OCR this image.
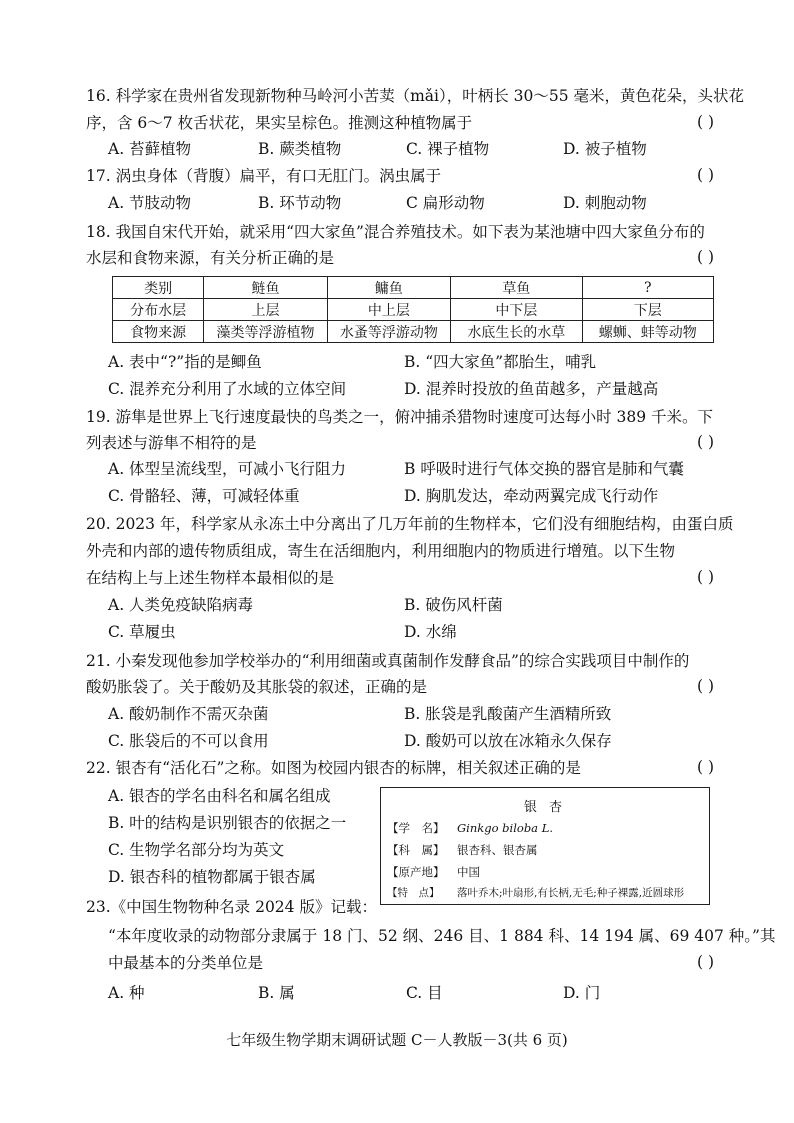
16. 科学家在贵州省发现新物种马岭河小苦荬（mǎi），叶柄长 30～55 毫米，黄色花朵，头状花
序，含 6～7 枚舌状花，果实呈棕色。推测这种植物属于	( )
A. 苔藓植物	B. 蕨类植物	C. 裸子植物	D. 被子植物
17. 涡虫身体（背腹）扁平，有口无肛门。涡虫属于	( )
A. 节肢动物	B. 环节动物	C 扁形动物	D. 刺胞动物
18. 我国自宋代开始，就采用“四大家鱼”混合养殖技术。如下表为某池塘中四大家鱼分布的
水层和食物来源，有关分析正确的是	( )
类别	鲢鱼	鳙鱼	草鱼	?
分布水层	上层	中上层	中下层	下层
食物来源	藻类等浮游植物	水蚤等浮游动物	水底生长的水草	螺蛳、蚌等动物
A. 表中“?”指的是鲫鱼	B. “四大家鱼”都胎生，哺乳
C. 混养充分利用了水域的立体空间	D. 混养时投放的鱼苗越多，产量越高
19. 游隼是世界上飞行速度最快的鸟类之一，俯冲捕杀猎物时速度可达每小时 389 千米。下
列表述与游隼不相符的是	( )
A. 体型呈流线型，可减小飞行阻力	B 呼吸时进行气体交换的器官是肺和气囊
C. 骨骼轻、薄，可减轻体重	D. 胸肌发达，牵动两翼完成飞行动作
20. 2023 年，科学家从永冻土中分离出了几万年前的生物样本，它们没有细胞结构，由蛋白质
外壳和内部的遗传物质组成，寄生在活细胞内，利用细胞内的物质进行增殖。以下生物
在结构上与上述生物样本最相似的是	( )
A. 人类免疫缺陷病毒	B. 破伤风杆菌
C. 草履虫	D. 水绵
21. 小秦发现他参加学校举办的“利用细菌或真菌制作发酵食品”的综合实践项目中制作的
酸奶胀袋了。关于酸奶及其胀袋的叙述，正确的是	( )
A. 酸奶制作不需灭杂菌	B. 胀袋是乳酸菌产生酒精所致
C. 胀袋后的不可以食用	D. 酸奶可以放在冰箱永久保存
22. 银杏有“活化石”之称。如图为校园内银杏的标牌，相关叙述正确的是	( )
A. 银杏的学名由科名和属名组成
B. 叶的结构是识别银杏的依据之一
C. 生物学名部分均为英文
D. 银杏科的植物都属于银杏属
银 杏
【学　名】 Ginkgo biloba L.
【科　属】 银杏科、银杏属
【原产地】 中国
【特　点】 落叶乔木;叶扇形,有长柄,无毛;种子裸露,近圆球形
23.《中国生物物种名录 2024 版》记载：
“本年度收录的动物部分隶属于 18 门、52 纲、246 目、1 884 科、14 194 属、69 407 种。”其
中最基本的分类单位是	( )
A. 种	B. 属	C. 目	D. 门
七年级生物学期末调研试题 C－人教版－3(共 6 页)
